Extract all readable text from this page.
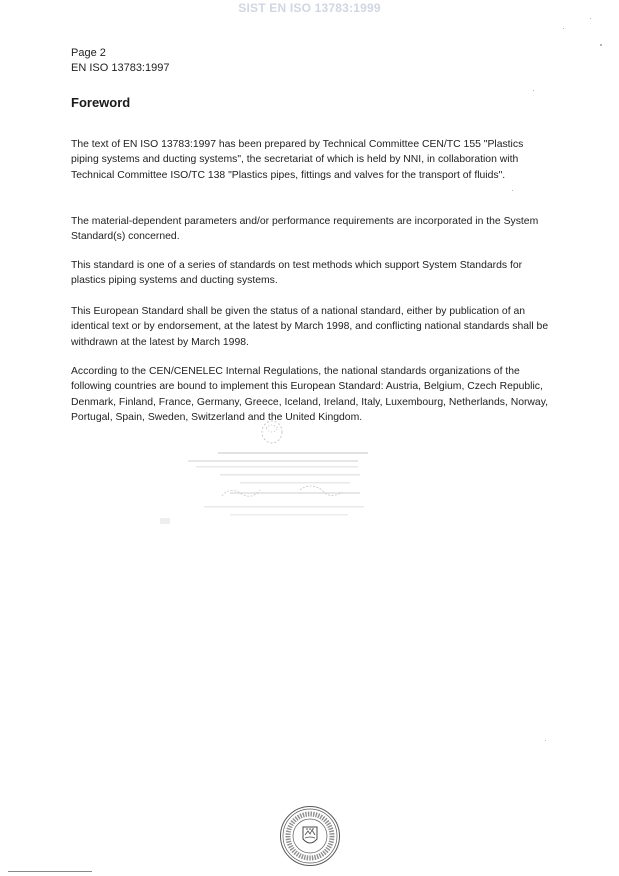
SIST EN ISO 13783:1999
Page 2
EN ISO 13783:1997
Foreword

The text of EN ISO 13783:1997 has been prepared by Technical Committee CEN/TC 155 "Plastics piping systems and ducting systems", the secretariat of which is held by NNI, in collaboration with Technical Committee ISO/TC 138 "Plastics pipes, fittings and valves for the transport of fluids".

The material-dependent parameters and/or performance requirements are incorporated in the System Standard(s) concerned.

This standard is one of a series of standards on test methods which support System Standards for plastics piping systems and ducting systems.

This European Standard shall be given the status of a national standard, either by publication of an identical text or by endorsement, at the latest by March 1998, and conflicting national standards shall be withdrawn at the latest by March 1998.

According to the CEN/CENELEC Internal Regulations, the national standards organizations of the following countries are bound to implement this European Standard: Austria, Belgium, Czech Republic, Denmark, Finland, France, Germany, Greece, Iceland, Ireland, Italy, Luxembourg, Netherlands, Norway, Portugal, Spain, Sweden, Switzerland and the United Kingdom.
